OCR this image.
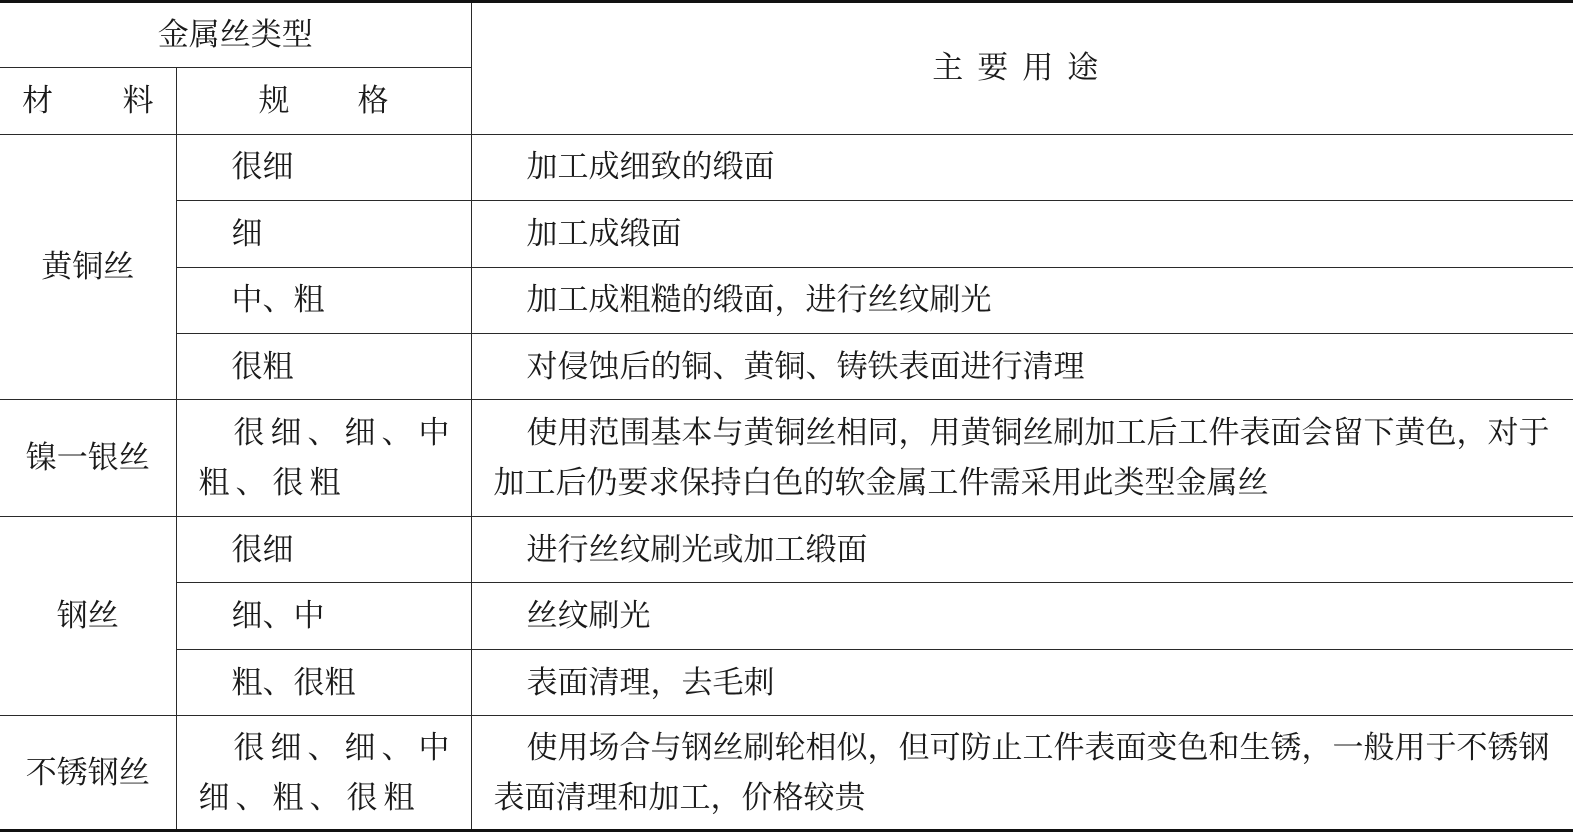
金属丝类型		主要用途

材 料	规 格	

黄铜丝	很细	加工成细致的缎面
	细	加工成缎面
	中、粗	加工成粗糙的缎面，进行丝纹刷光
	很粗	对侵蚀后的铜、黄铜、铸铁表面进行清理
镍一银丝	很细、细、中粗、很粗	使用范围基本与黄铜丝相同，用黄铜丝刷加工后工件表面会留下黄色，对于加工后仍要求保持白色的软金属工件需采用此类型金属丝

钢丝	很细	进行丝纹刷光或加工缎面
	细、中	丝纹刷光
	粗、很粗	表面清理，去毛刺
不锈钢丝	很细、细、中细、粗、很粗	使用场合与钢丝刷轮相似，但可防止工件表面变色和生锈，一般用于不锈钢表面清理和加工，价格较贵
